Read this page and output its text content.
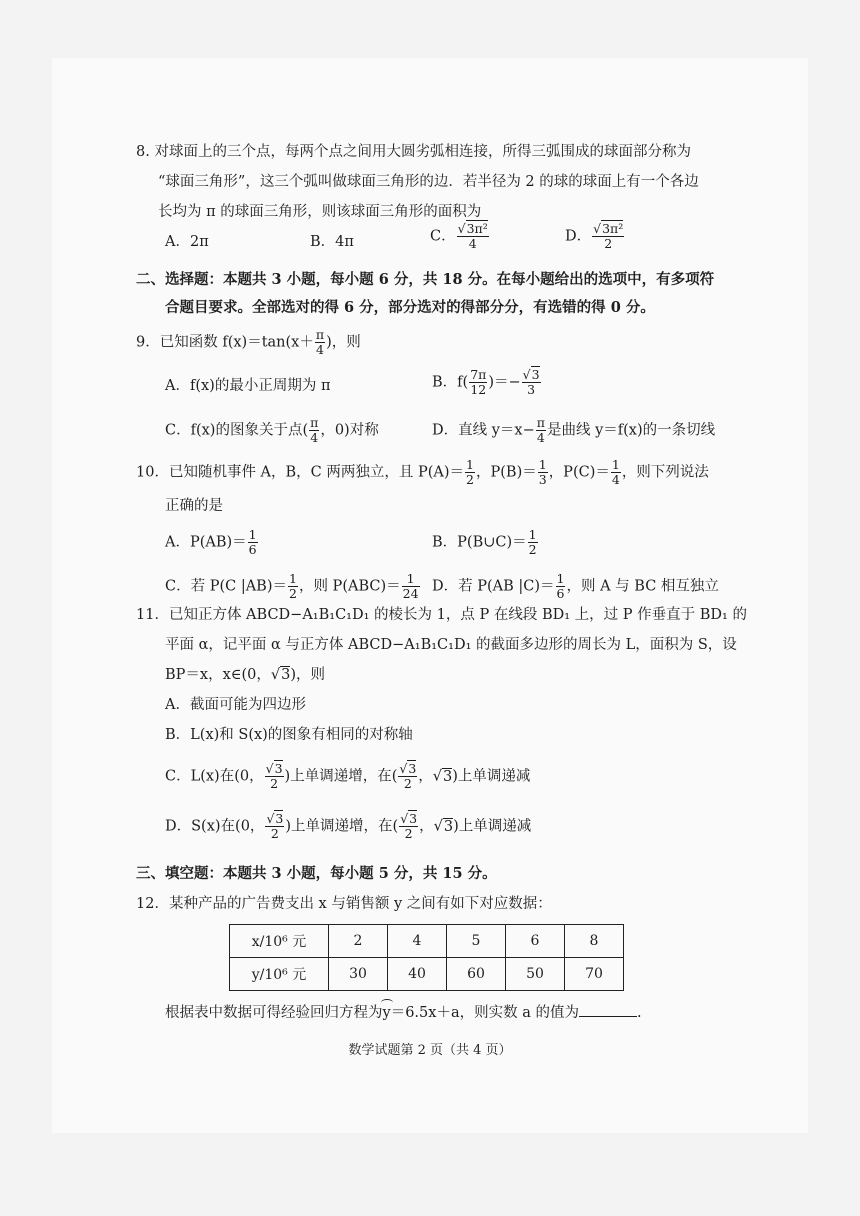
8. 对球面上的三个点，每两个点之间用大圆劣弧相连接，所得三弧围成的球面部分称为
“球面三角形”，这三个弧叫做球面三角形的边．若半径为 2 的球的球面上有一个各边
长均为 π 的球面三角形，则该球面三角形的面积为
A．2π	B．4π	C． $\frac{\text{√3π²}}{4}$	D． $\frac{\text{√3π²}}{2}$
二、选择题：本题共 3 小题，每小题 6 分，共 18 分。在每小题给出的选项中，有多项符
合题目要求。全部选对的得 6 分，部分选对的得部分分，有选错的得 0 分。
9．已知函数 $f(x)=\tan(x+ \frac{\pi}{4}$ )，则
A．f(x)的最小正周期为 π	B．$f( \frac{7\pi}{12}$ )＝− $\frac{√3}{3}$
C．f(x)的图象关于点( $\frac{\pi}{4}$ ，0)对称	D．直线 $y=x- \frac{\pi}{4}$ 是曲线 y＝f(x)的一条切线
10．已知随机事件 A，B，C 两两独立，且 $P(A)= \frac{1}{2}$ ，$P(B)= \frac{1}{3}$ ，$P(C)= \frac{1}{4}$ ，则下列说法
正确的是
A．$P(AB)= \frac{1}{6}$	B．P(B∪C)＝ $\frac{1}{2}$
C．若 P(C $|AB)= \frac{1}{2}$ ，则 $P(ABC)= \frac{1}{24}$ D．若 P(AB $|C)= \frac{1}{6}$ ，则 A 与 BC 相互独立
11．已知正方体 ABCD−A₁B₁C₁D₁ 的棱长为 1，点 P 在线段 BD₁ 上，过 P 作垂直于 BD₁ 的
平面 α，记平面 α 与正方体 ABCD−A₁B₁C₁D₁ 的截面多边形的周长为 L，面积为 S，设
BP＝x，x∈(0，√3)，则
A．截面可能为四边形
B．L(x)和 S(x)的图象有相同的对称轴
C．L(x)在(0， $\frac{√3}{2}$ )上单调递增，在( $\frac{√3}{2}$ ，√3)上单调递减
D．S(x)在(0， $\frac{√3}{2}$ )上单调递增，在( $\frac{√3}{2}$ ，√3)上单调递减
三、填空题：本题共 3 小题，每小题 5 分，共 15 分。
12．某种产品的广告费支出 x 与销售额 y 之间有如下对应数据：
x/10⁶ 元	2	4	5	6	8
y/10⁶ 元	30	40	60	50	70
根据表中数据可得经验回归方程为y＝6.5x＋a，则实数 a 的值为	.
数学试题第 2 页（共 4 页）
